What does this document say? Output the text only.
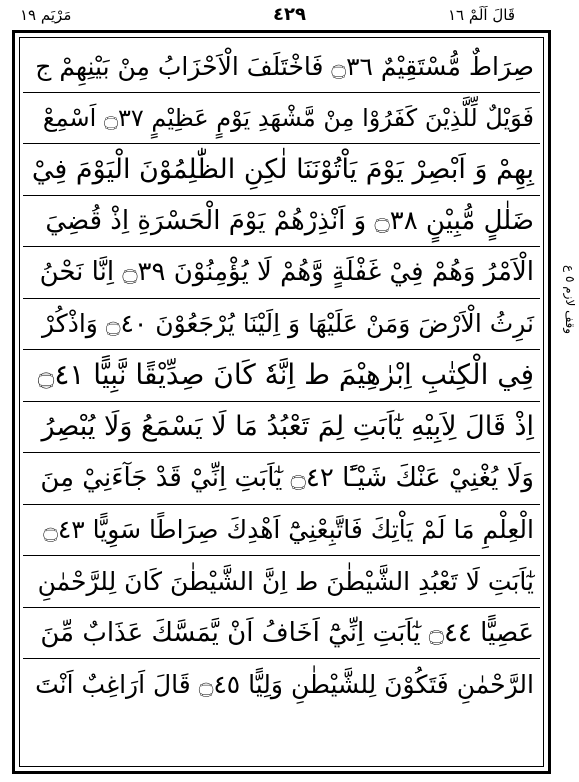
مَرْيَم ١٩	٤٢٩	قَالَ اَلَمْ ١٦
صِرَاطٌ مُّسْتَقِيْمٌ ۝٣٦ فَاخْتَلَفَ الْاَحْزَابُ مِنْ بَيْنِهِمْ ج
فَوَيْلٌ لِّلَّذِيْنَ كَفَرُوْا مِنْ مَّشْهَدِ يَوْمٍ عَظِيْمٍ ۝٣٧ اَسْمِعْ
بِهِمْ وَ اَبْصِرْ يَوْمَ يَاْتُوْنَنَا لٰكِنِ الظّٰلِمُوْنَ الْيَوْمَ فِيْ
ضَلٰلٍ مُّبِيْنٍ ۝٣٨ وَ اَنْذِرْهُمْ يَوْمَ الْحَسْرَةِ اِذْ قُضِيَ
الْاَمْرُ وَهُمْ فِيْ غَفْلَةٍ وَّهُمْ لَا يُؤْمِنُوْنَ ۝٣٩ اِنَّا نَحْنُ
نَرِثُ الْاَرْضَ وَمَنْ عَلَيْهَا وَ اِلَيْنَا يُرْجَعُوْنَ ۝٤٠ وَاذْكُرْ
فِي الْكِتٰبِ اِبْرٰهِيْمَ ط اِنَّهٗ كَانَ صِدِّيْقًا نَّبِيًّا ۝٤١
اِذْ قَالَ لِاَبِيْهِ يٰٓاَبَتِ لِمَ تَعْبُدُ مَا لَا يَسْمَعُ وَلَا يُبْصِرُ
وَلَا يُغْنِيْ عَنْكَ شَيْـًٔا ۝٤٢ يٰٓاَبَتِ اِنِّيْ قَدْ جَآءَنِيْ مِنَ
الْعِلْمِ مَا لَمْ يَاْتِكَ فَاتَّبِعْنِيْٓ اَهْدِكَ صِرَاطًا سَوِيًّا ۝٤٣
يٰٓاَبَتِ لَا تَعْبُدِ الشَّيْطٰنَ ط اِنَّ الشَّيْطٰنَ كَانَ لِلرَّحْمٰنِ
عَصِيًّا ۝٤٤ يٰٓاَبَتِ اِنِّيْٓ اَخَافُ اَنْ يَّمَسَّكَ عَذَابٌ مِّنَ
الرَّحْمٰنِ فَتَكُوْنَ لِلشَّيْطٰنِ وَلِيًّا ۝٤٥ قَالَ اَرَاغِبٌ اَنْتَ
وقف لازم ٥ ع
